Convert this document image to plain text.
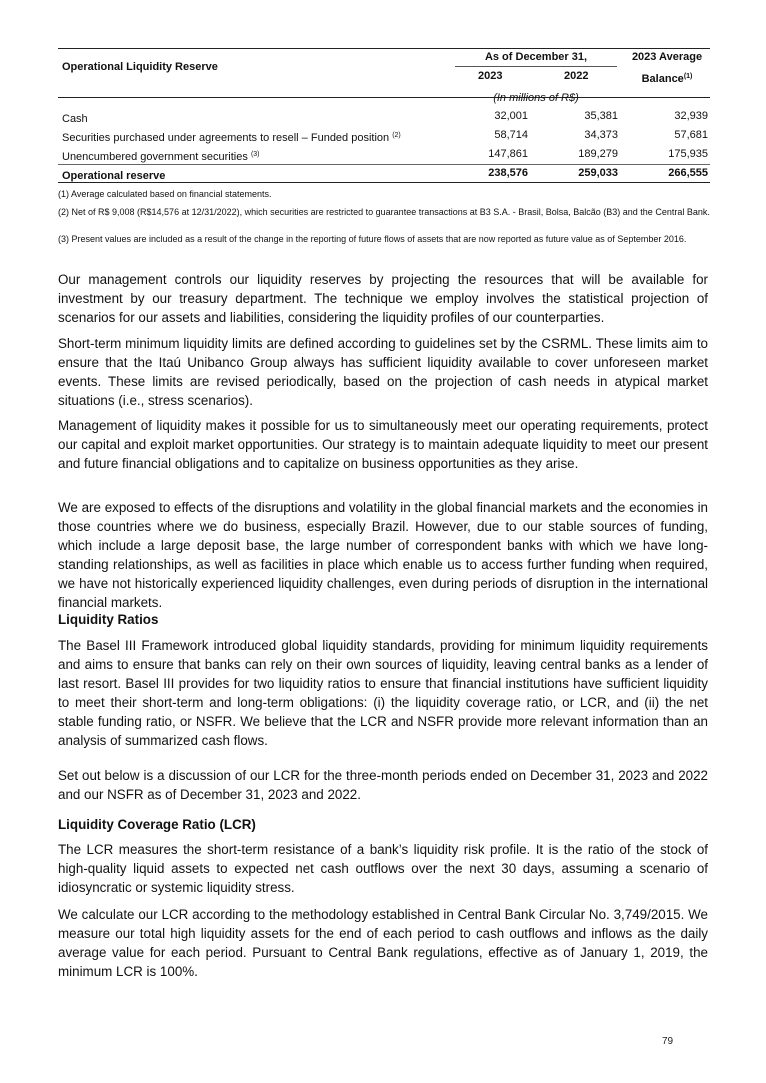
Operational Liquidity Reserve
As of December 31,
2023	2022
2023 Average
Balance$^{(1)}$
(In millions of R$)
Cash	32,001	35,381	32,939
Securities purchased under agreements to resell – Funded position $^{(2)}$	58,714	34,373	57,681
Unencumbered government securities $^{(3)}$	147,861	189,279	175,935
Operational reserve	238,576	259,033	266,555

(1) Average calculated based on financial statements.

(2) Net of R$ 9,008 (R$14,576 at 12/31/2022), which securities are restricted to guarantee transactions at B3 S.A. - Brasil, Bolsa, Balcão (B3) and the Central Bank.

(3) Present values are included as a result of the change in the reporting of future flows of assets that are now reported as future value as of September 2016.

Our management controls our liquidity reserves by projecting the resources that will be available for investment by our treasury department. The technique we employ involves the statistical projection of scenarios for our assets and liabilities, considering the liquidity profiles of our counterparties.

Short-term minimum liquidity limits are defined according to guidelines set by the CSRML. These limits aim to ensure that the Itaú Unibanco Group always has sufficient liquidity available to cover unforeseen market events. These limits are revised periodically, based on the projection of cash needs in atypical market situations (i.e., stress scenarios).

Management of liquidity makes it possible for us to simultaneously meet our operating requirements, protect our capital and exploit market opportunities. Our strategy is to maintain adequate liquidity to meet our present and future financial obligations and to capitalize on business opportunities as they arise.

We are exposed to effects of the disruptions and volatility in the global financial markets and the economies in those countries where we do business, especially Brazil. However, due to our stable sources of funding, which include a large deposit base, the large number of correspondent banks with which we have long-standing relationships, as well as facilities in place which enable us to access further funding when required, we have not historically experienced liquidity challenges, even during periods of disruption in the international financial markets.

Liquidity Ratios

The Basel III Framework introduced global liquidity standards, providing for minimum liquidity requirements and aims to ensure that banks can rely on their own sources of liquidity, leaving central banks as a lender of last resort. Basel III provides for two liquidity ratios to ensure that financial institutions have sufficient liquidity to meet their short-term and long-term obligations: (i) the liquidity coverage ratio, or LCR, and (ii) the net stable funding ratio, or NSFR. We believe that the LCR and NSFR provide more relevant information than an analysis of summarized cash flows.

Set out below is a discussion of our LCR for the three-month periods ended on December 31, 2023 and 2022 and our NSFR as of December 31, 2023 and 2022.

Liquidity Coverage Ratio (LCR)

The LCR measures the short-term resistance of a bank’s liquidity risk profile. It is the ratio of the stock of high-quality liquid assets to expected net cash outflows over the next 30 days, assuming a scenario of idiosyncratic or systemic liquidity stress.

We calculate our LCR according to the methodology established in Central Bank Circular No. 3,749/2015. We measure our total high liquidity assets for the end of each period to cash outflows and inflows as the daily average value for each period. Pursuant to Central Bank regulations, effective as of January 1, 2019, the minimum LCR is 100%.

79
